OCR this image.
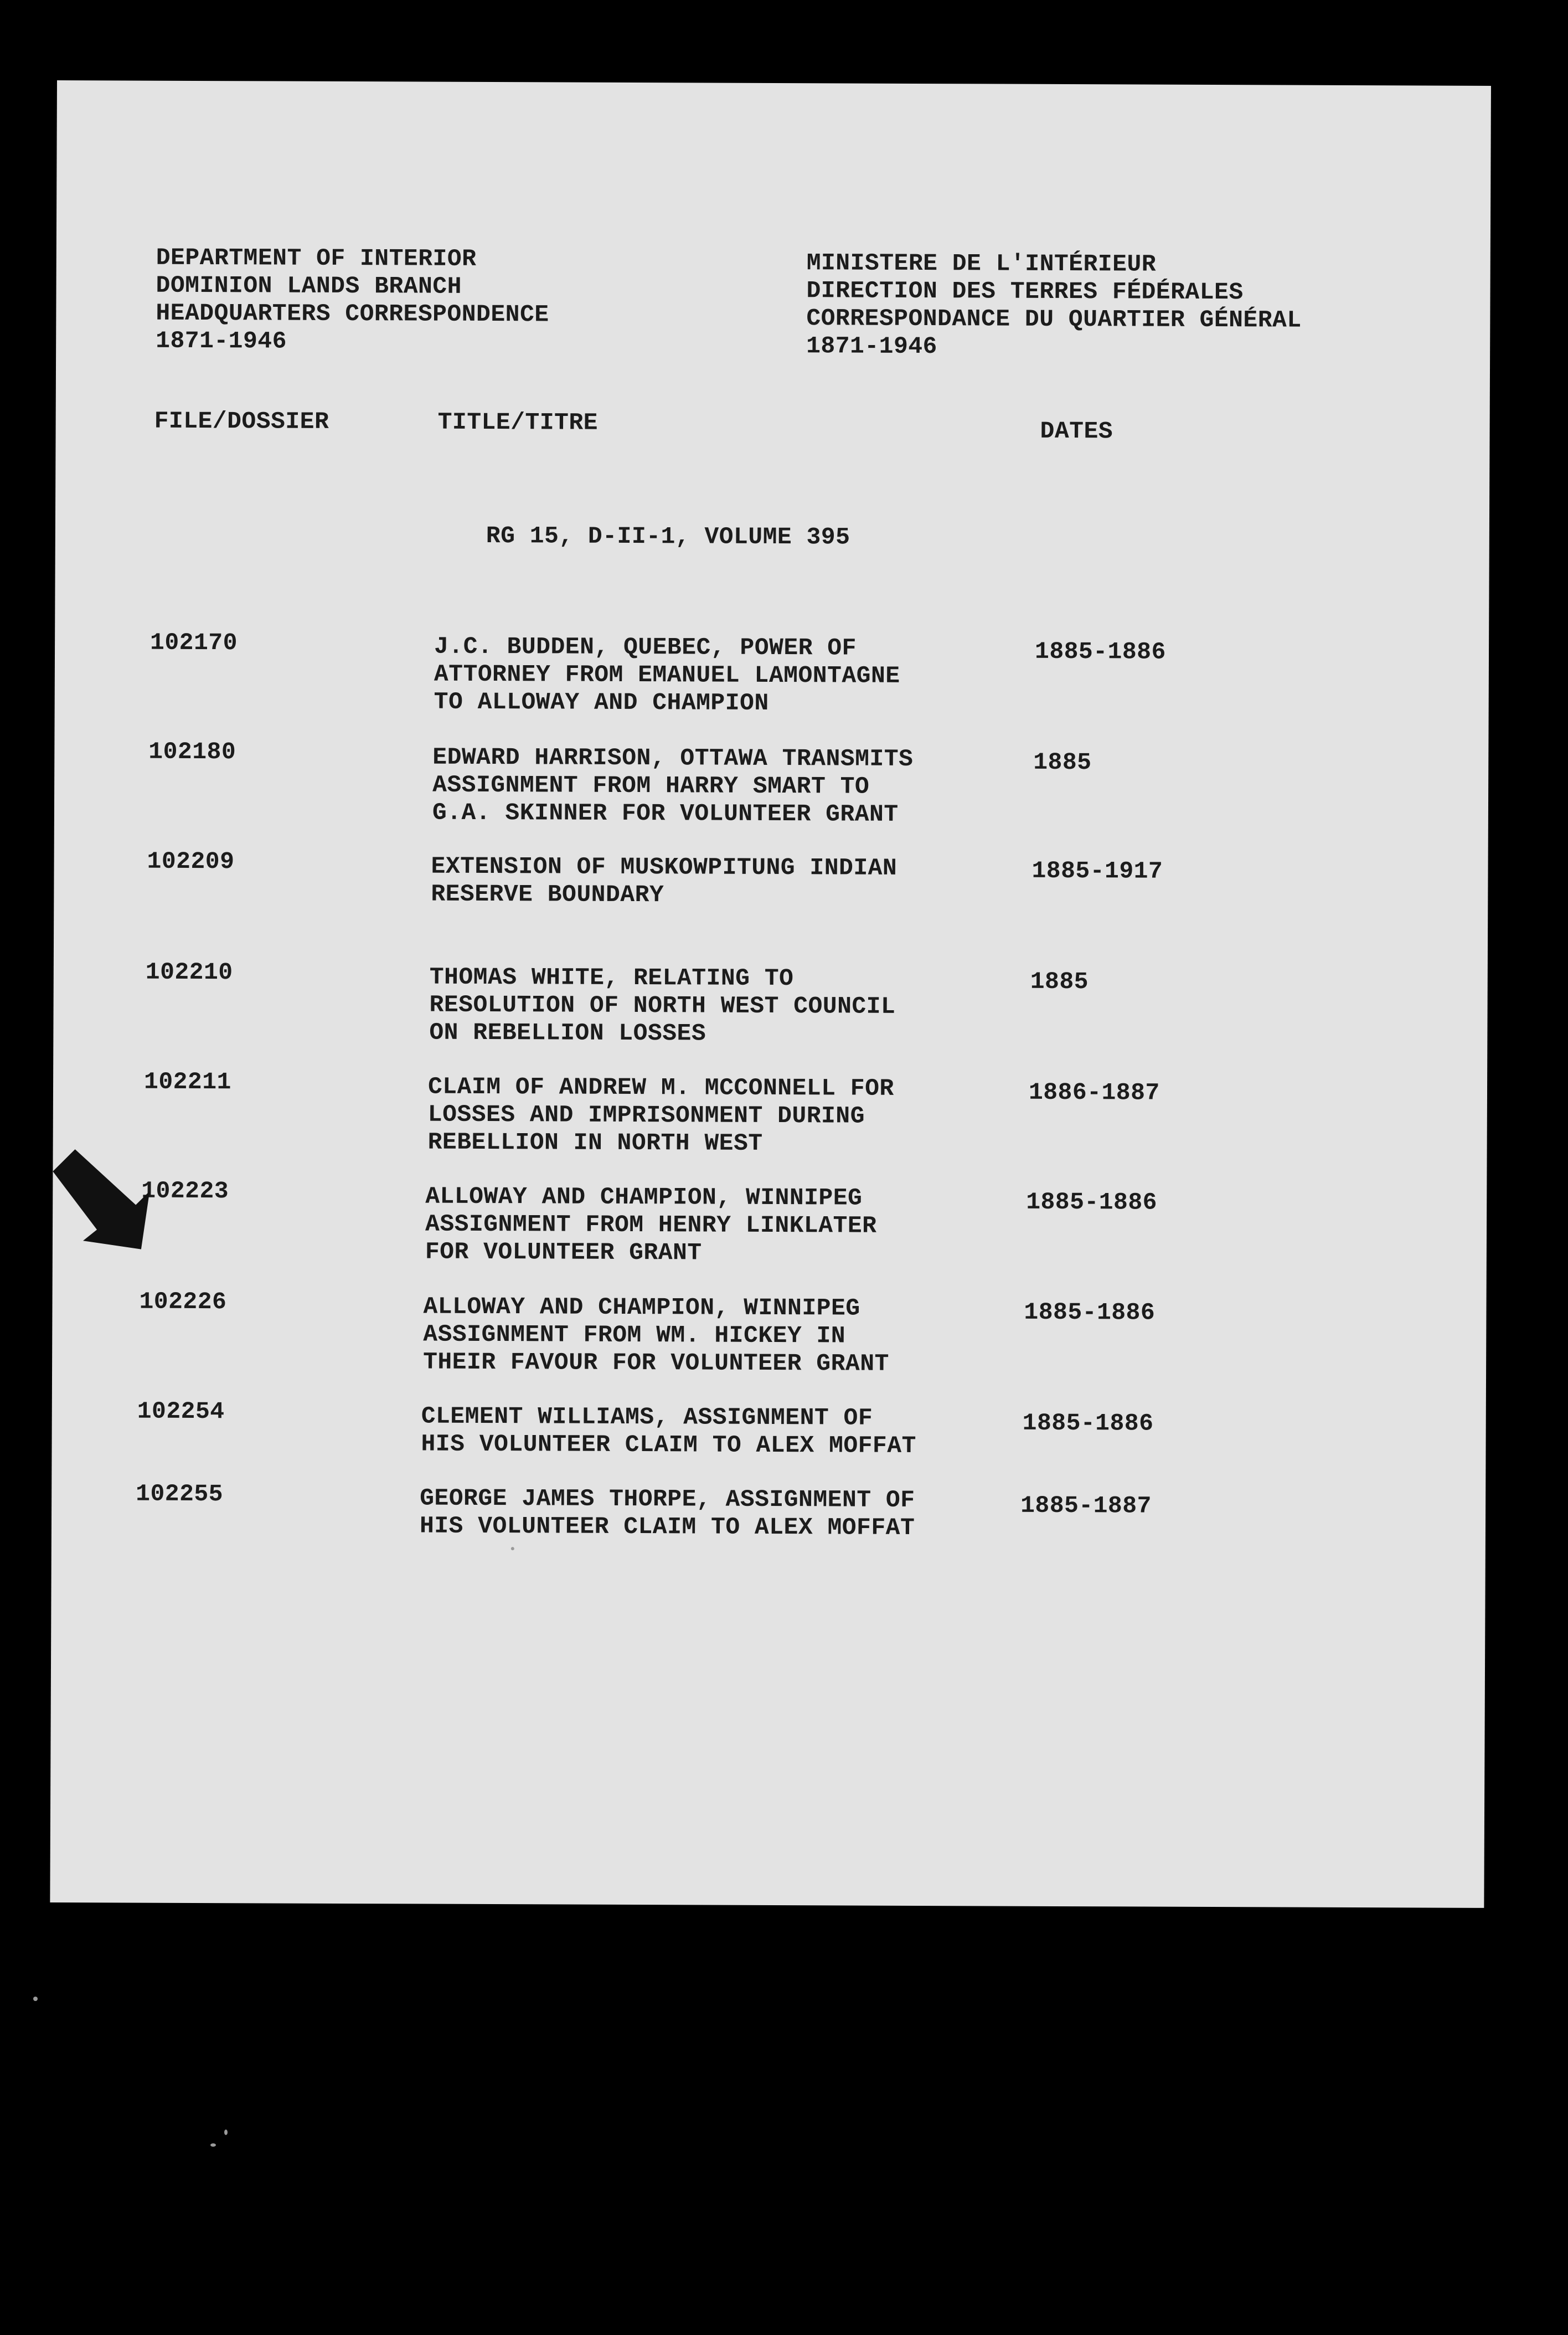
DEPARTMENT OF INTERIOR
DOMINION LANDS BRANCH
HEADQUARTERS CORRESPONDENCE
1871-1946
MINISTERE DE L'INTÉRIEUR
DIRECTION DES TERRES FÉDÉRALES
CORRESPONDANCE DU QUARTIER GÉNÉRAL
1871-1946
FILE/DOSSIER	TITLE/TITRE	DATES
RG 15, D-II-1, VOLUME 395
102170	J.C. BUDDEN, QUEBEC, POWER OF
ATTORNEY FROM EMANUEL LAMONTAGNE
TO ALLOWAY AND CHAMPION
1885-1886
102180	EDWARD HARRISON, OTTAWA TRANSMITS
ASSIGNMENT FROM HARRY SMART TO
G.A. SKINNER FOR VOLUNTEER GRANT
1885
102209	EXTENSION OF MUSKOWPITUNG INDIAN
RESERVE BOUNDARY
1885-1917
102210	THOMAS WHITE, RELATING TO
RESOLUTION OF NORTH WEST COUNCIL
ON REBELLION LOSSES
1885
102211	CLAIM OF ANDREW M. MCCONNELL FOR
LOSSES AND IMPRISONMENT DURING
REBELLION IN NORTH WEST
1886-1887
102223	ALLOWAY AND CHAMPION, WINNIPEG
ASSIGNMENT FROM HENRY LINKLATER
FOR VOLUNTEER GRANT
1885-1886
102226	ALLOWAY AND CHAMPION, WINNIPEG
ASSIGNMENT FROM WM. HICKEY IN
THEIR FAVOUR FOR VOLUNTEER GRANT
1885-1886
102254	CLEMENT WILLIAMS, ASSIGNMENT OF
HIS VOLUNTEER CLAIM TO ALEX MOFFAT
1885-1886
102255	GEORGE JAMES THORPE, ASSIGNMENT OF
HIS VOLUNTEER CLAIM TO ALEX MOFFAT
1885-1887
